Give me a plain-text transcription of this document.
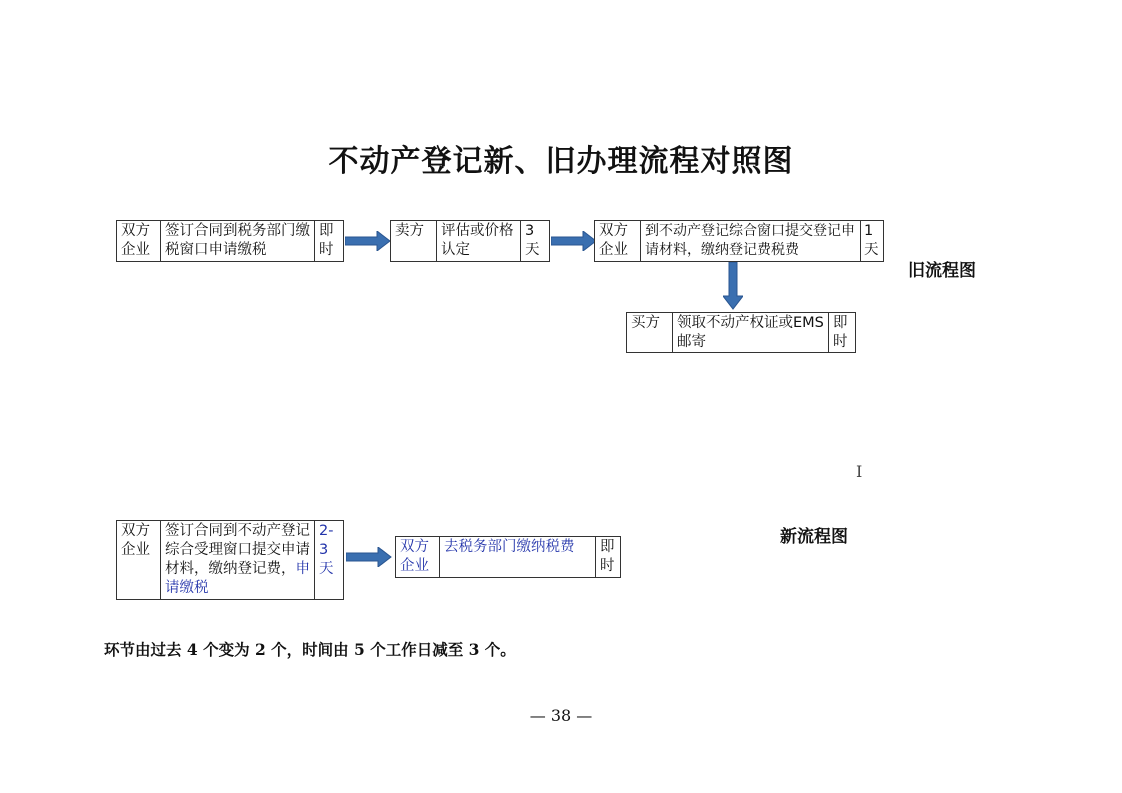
不动产登记新、旧办理流程对照图
双方企业
签订合同到税务部门缴税窗口申请缴税
即时
卖方	评估或价格认定
3天
双方企业
到不动产登记综合窗口提交登记申请材料，缴纳登记费税费
1天
买方	领取不动产权证或EMS邮寄
即时
旧流程图
I
双方企业
签订合同到不动产登记综合受理窗口提交申请材料，缴纳登记费，申请缴税
2-3天
双方企业
去税务部门缴纳税费	即时
新流程图
环节由过去 4 个变为 2 个，时间由 5 个工作日减至 3 个。
— 38 —
